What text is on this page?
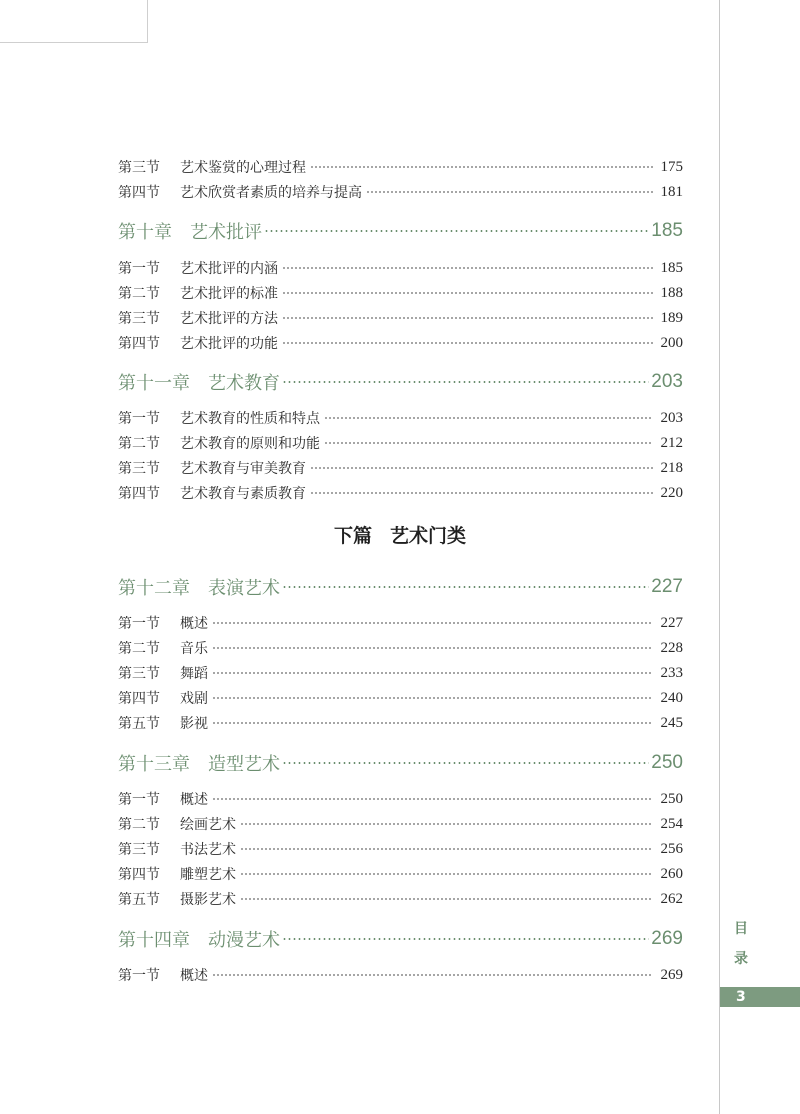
目
录
3
下篇 艺术门类
第三节	艺术鉴赏的心理过程	175
第四节	艺术欣赏者素质的培养与提高	181
第十章 艺术批评	185
第一节	艺术批评的内涵	185
第二节	艺术批评的标准	188
第三节	艺术批评的方法	189
第四节	艺术批评的功能	200
第十一章 艺术教育	203
第一节	艺术教育的性质和特点	203
第二节	艺术教育的原则和功能	212
第三节	艺术教育与审美教育	218
第四节	艺术教育与素质教育	220
第十二章 表演艺术	227
第一节	概述	227
第二节	音乐	228
第三节	舞蹈	233
第四节	戏剧	240
第五节	影视	245
第十三章 造型艺术	250
第一节	概述	250
第二节	绘画艺术	254
第三节	书法艺术	256
第四节	雕塑艺术	260
第五节	摄影艺术	262
第十四章 动漫艺术	269
第一节	概述	269
